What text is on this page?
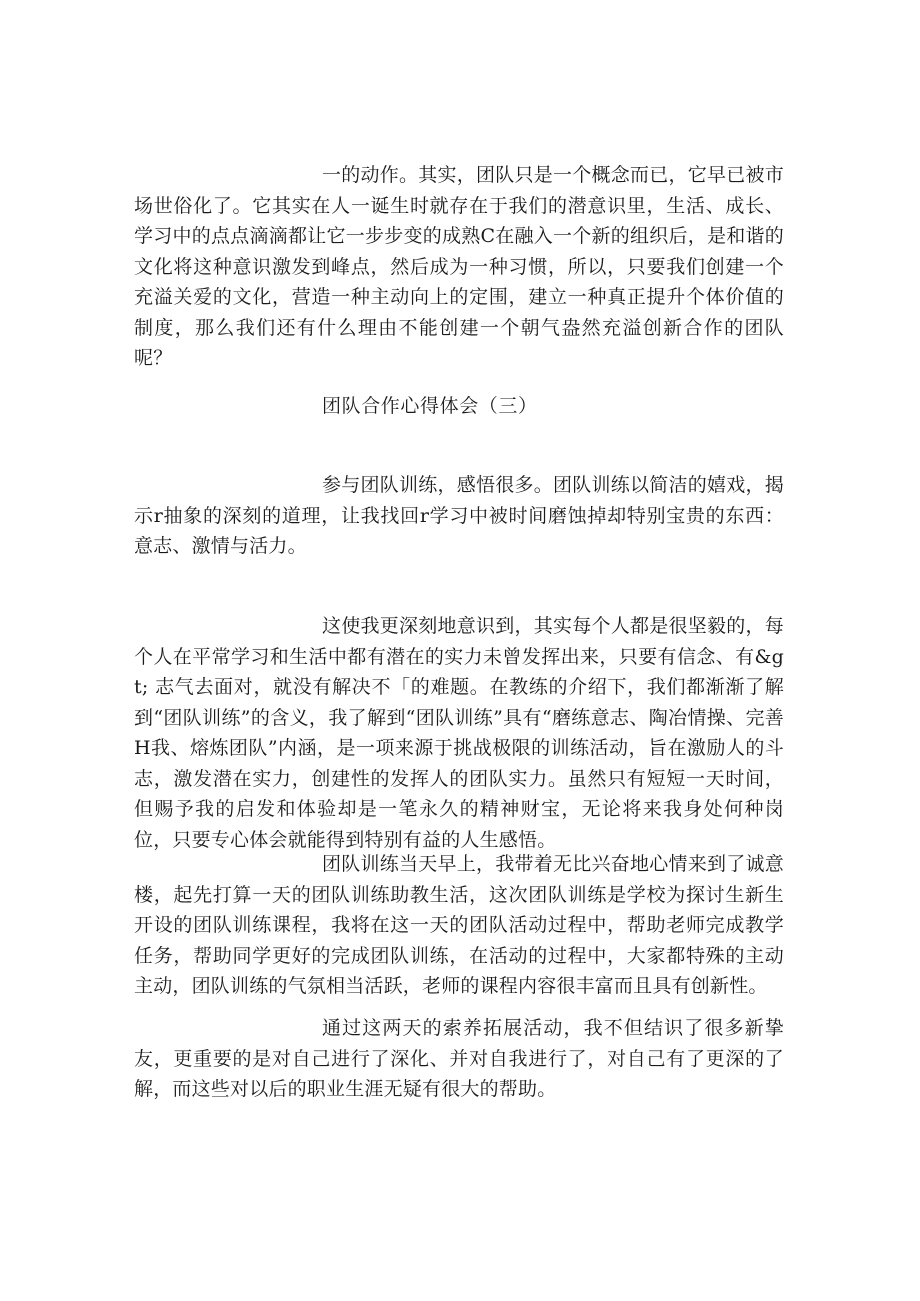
一的动作。其实，团队只是一个概念而已，它早已被市场世俗化了。它其实在人一诞生时就存在于我们的潜意识里，生活、成长、学习中的点点滴滴都让它一步步变的成熟C在融入一个新的组织后，是和谐的文化将这种意识激发到峰点，然后成为一种习惯，所以，只要我们创建一个充溢关爱的文化，营造一种主动向上的定围，建立一种真正提升个体价值的制度，那么我们还有什么理由不能创建一个朝气盎然充溢创新合作的团队呢？

团队合作心得体会（三）

参与团队训练，感悟很多。团队训练以简洁的嬉戏，揭示r抽象的深刻的道理，让我找回r学习中被时间磨蚀掉却特别宝贵的东西：意志、激情与活力。

这使我更深刻地意识到，其实每个人都是很坚毅的，每个人在平常学习和生活中都有潜在的实力未曾发挥出来，只要有信念、有&gt; 志气去面对，就没有解决不「的难题。在教练的介绍下，我们都渐渐了解到“团队训练”的含义，我了解到“团队训练”具有“磨练意志、陶冶情操、完善H我、熔炼团队”内涵，是一项来源于挑战极限的训练活动，旨在激励人的斗志，激发潜在实力，创建性的发挥人的团队实力。虽然只有短短一天时间，但赐予我的启发和体验却是一笔永久的精神财宝，无论将来我身处何种岗位，只要专心体会就能得到特别有益的人生感悟。

团队训练当天早上，我带着无比兴奋地心情来到了诚意楼，起先打算一天的团队训练助教生活，这次团队训练是学校为探讨生新生开设的团队训练课程，我将在这一天的团队活动过程中，帮助老师完成教学任务，帮助同学更好的完成团队训练，在活动的过程中，大家都特殊的主动主动，团队训练的气氛相当活跃，老师的课程内容很丰富而且具有创新性。

通过这两天的索养拓展活动，我不但结识了很多新挚友，更重要的是对自己进行了深化、并对自我进行了，对自己有了更深的了解，而这些对以后的职业生涯无疑有很大的帮助。
